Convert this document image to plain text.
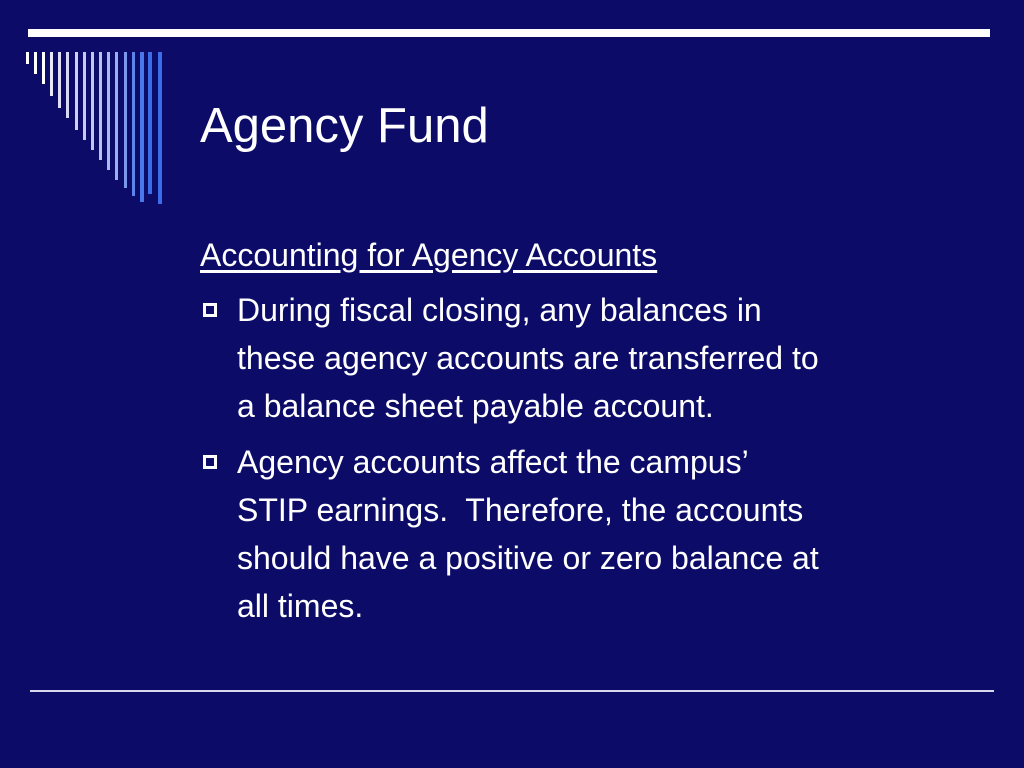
Agency Fund

Accounting for Agency Accounts

During fiscal closing, any balances in
these agency accounts are transferred to
a balance sheet payable account.
Agency accounts affect the campus’
STIP earnings.  Therefore, the accounts
should have a positive or zero balance at
all times.
